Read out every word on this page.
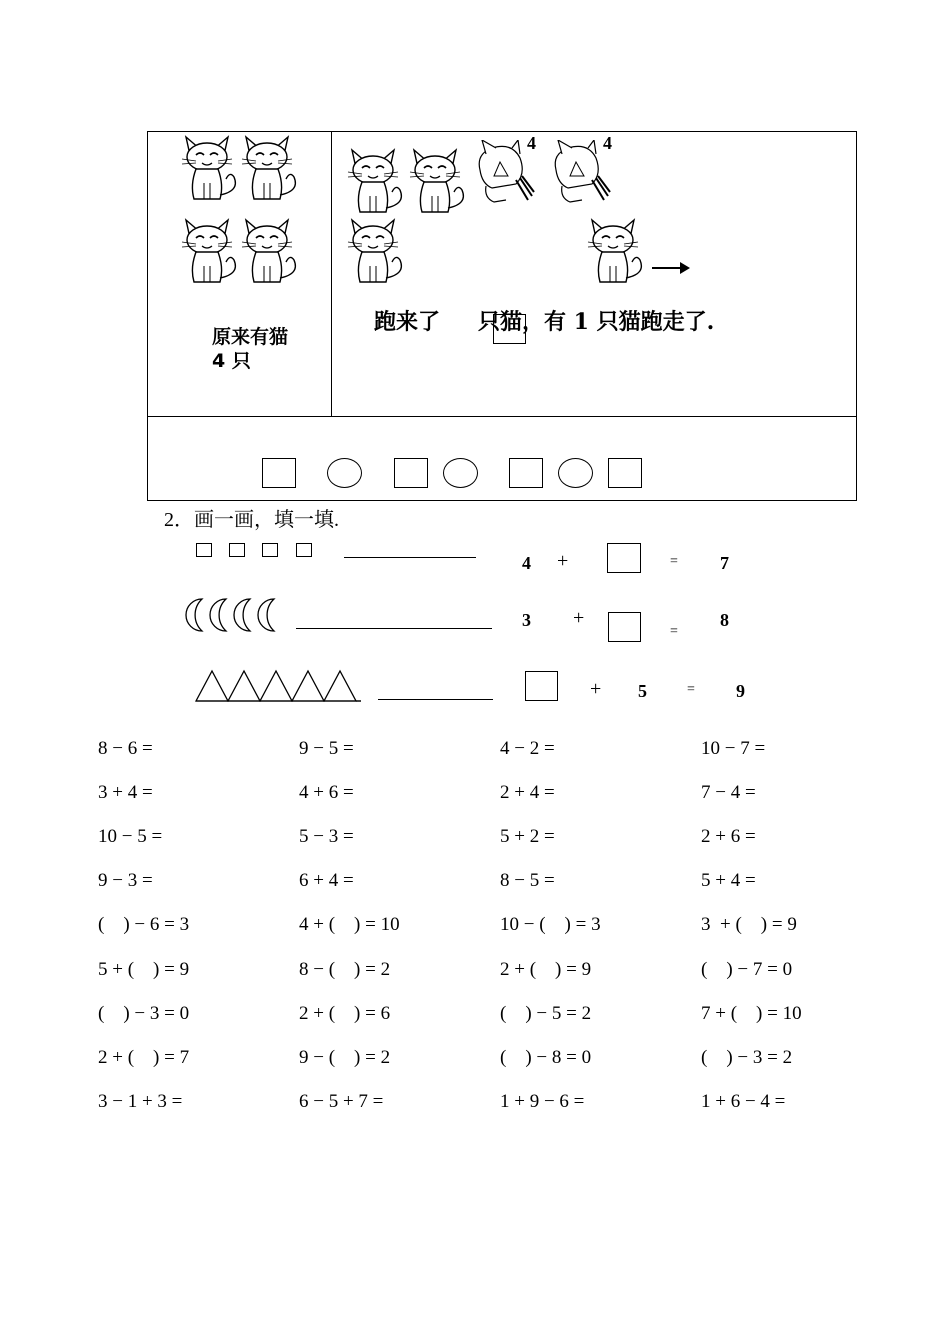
原来有猫
4 只
4	4
跑来了 只猫，有 1 只猫跑走了.
2．画一画，填一填.
4 +	= 7
3 +
=
8
+ 5	= 9
8 − 6 =	9 − 5 =	4 − 2 =	10 − 7 =
3 + 4 =	4 + 6 =	2 + 4 =	7 − 4 =
10 − 5 =	5 − 3 =	5 + 2 =	2 + 6 =
9 − 3 =	6 + 4 =	8 − 5 =	5 + 4 =
(    ) − 6 = 3	4 + (    ) = 10	10 − (    ) = 3	3  + (    ) = 9
5 + (    ) = 9	8 − (    ) = 2	2 + (    ) = 9	(    ) − 7 = 0
(    ) − 3 = 0	2 + (    ) = 6	(    ) − 5 = 2	7 + (    ) = 10
2 + (    ) = 7	9 − (    ) = 2	(    ) − 8 = 0	(    ) − 3 = 2
3 − 1 + 3 =	6 − 5 + 7 =	1 + 9 − 6 =	1 + 6 − 4 =
